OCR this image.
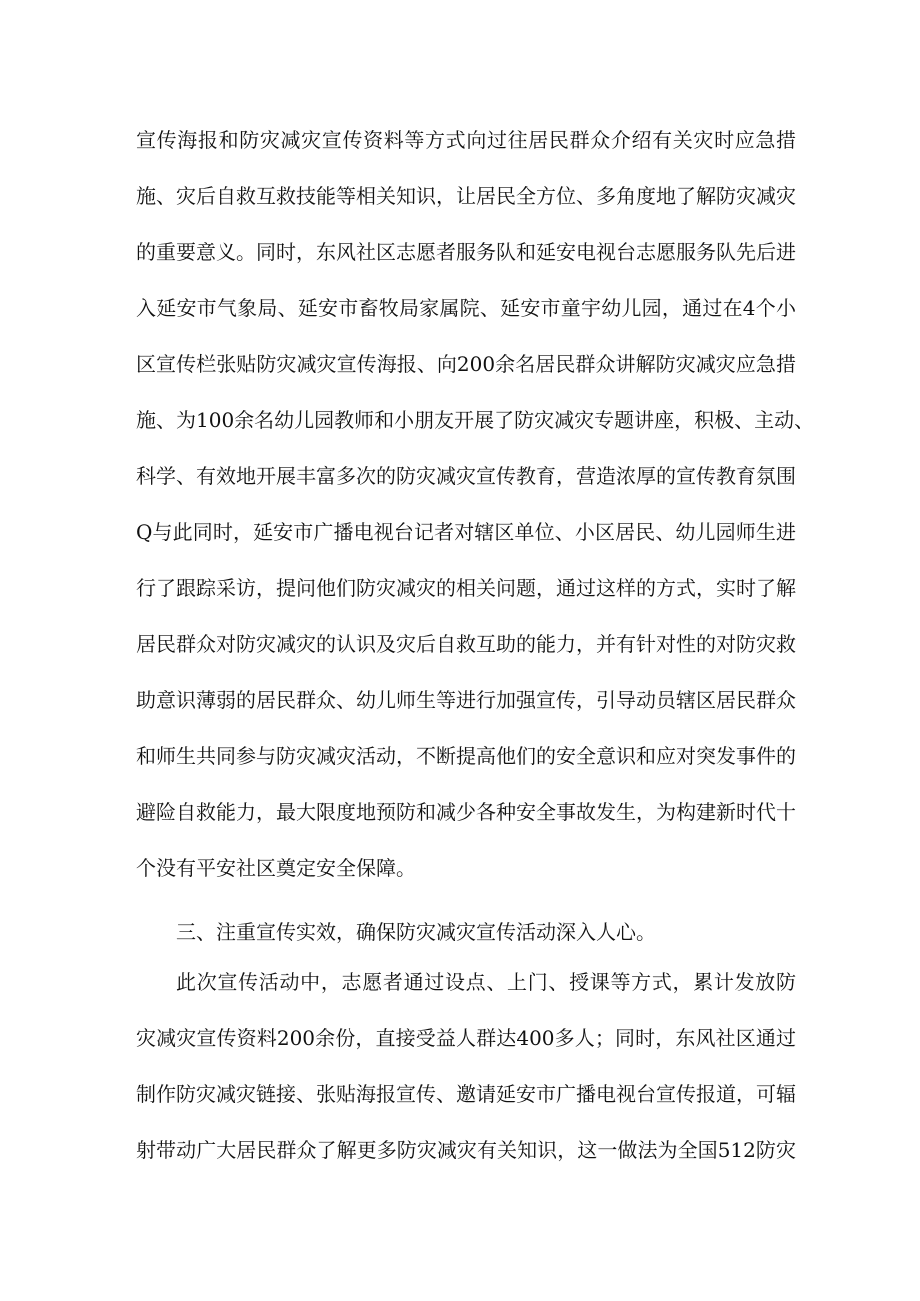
宣传海报和防灾减灾宣传资料等方式向过往居民群众介绍有关灾时应急措
施、灾后自救互救技能等相关知识，让居民全方位、多角度地了解防灾减灾
的重要意义。同时，东风社区志愿者服务队和延安电视台志愿服务队先后进
入延安市气象局、延安市畜牧局家属院、延安市童宇幼儿园，通过在4个小
区宣传栏张贴防灾减灾宣传海报、向200余名居民群众讲解防灾减灾应急措
施、为100余名幼儿园教师和小朋友开展了防灾减灾专题讲座，积极、主动、
科学、有效地开展丰富多次的防灾减灾宣传教育，营造浓厚的宣传教育氛围
Q与此同时，延安市广播电视台记者对辖区单位、小区居民、幼儿园师生进
行了跟踪采访，提问他们防灾减灾的相关问题，通过这样的方式，实时了解
居民群众对防灾减灾的认识及灾后自救互助的能力，并有针对性的对防灾救
助意识薄弱的居民群众、幼儿师生等进行加强宣传，引导动员辖区居民群众
和师生共同参与防灾减灾活动，不断提高他们的安全意识和应对突发事件的
避险自救能力，最大限度地预防和减少各种安全事故发生，为构建新时代十
个没有平安社区奠定安全保障。
三、注重宣传实效，确保防灾减灾宣传活动深入人心。
此次宣传活动中，志愿者通过设点、上门、授课等方式，累计发放防
灾减灾宣传资料200余份，直接受益人群达400多人；同时，东风社区通过
制作防灾减灾链接、张贴海报宣传、邀请延安市广播电视台宣传报道，可辐
射带动广大居民群众了解更多防灾减灾有关知识，这一做法为全国512防灾
